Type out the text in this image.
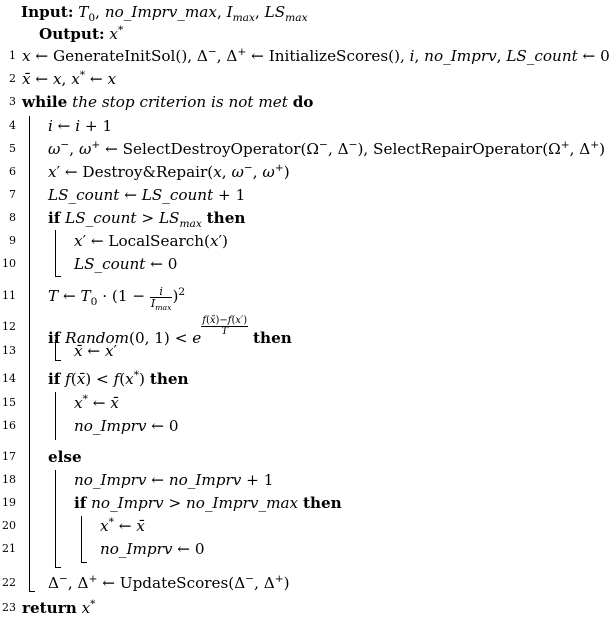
Input: $T_0$, no_Imprv_max, $I_{max}$, $LS_{max}$
Output: x*
1 x ← GenerateInitSol(), Δ−, Δ+ ← InitializeScores(), i, no_Imprv, LS_count ← 0
2 x̄ ← x, x* ← x
3 while the stop criterion is not met do
4 i ← i + 1
5 ω−, ω+ ← SelectDestroyOperator(Ω−, Δ−), SelectRepairOperator(Ω+, Δ+)
6 x′ ← Destroy&Repair(x, ω−, ω+)
7 LS_count ← LS_count + 1
8 if LS_count > $LS_{max}$ then
9	x′ ← LocalSearch(x′)
10	LS_count ← 0
11 T ← $T_0 \cdot (1 - \frac{i}{I_{max}} )^2$
12
if Random(0, 1) < e
$\frac{f(x̄)-f(x')}{T}$
then
13	x̄ ← x′
14 if f(x̄) < f(x*) then
15	x* ← x̄
16	no_Imprv ← 0
17 else
18	no_Imprv ← no_Imprv + 1
19	if no_Imprv > no_Imprv_max then
20	x* ← x̄
21	no_Imprv ← 0
22 Δ−, Δ+ ← UpdateScores(Δ−, Δ+)
23 return x*
